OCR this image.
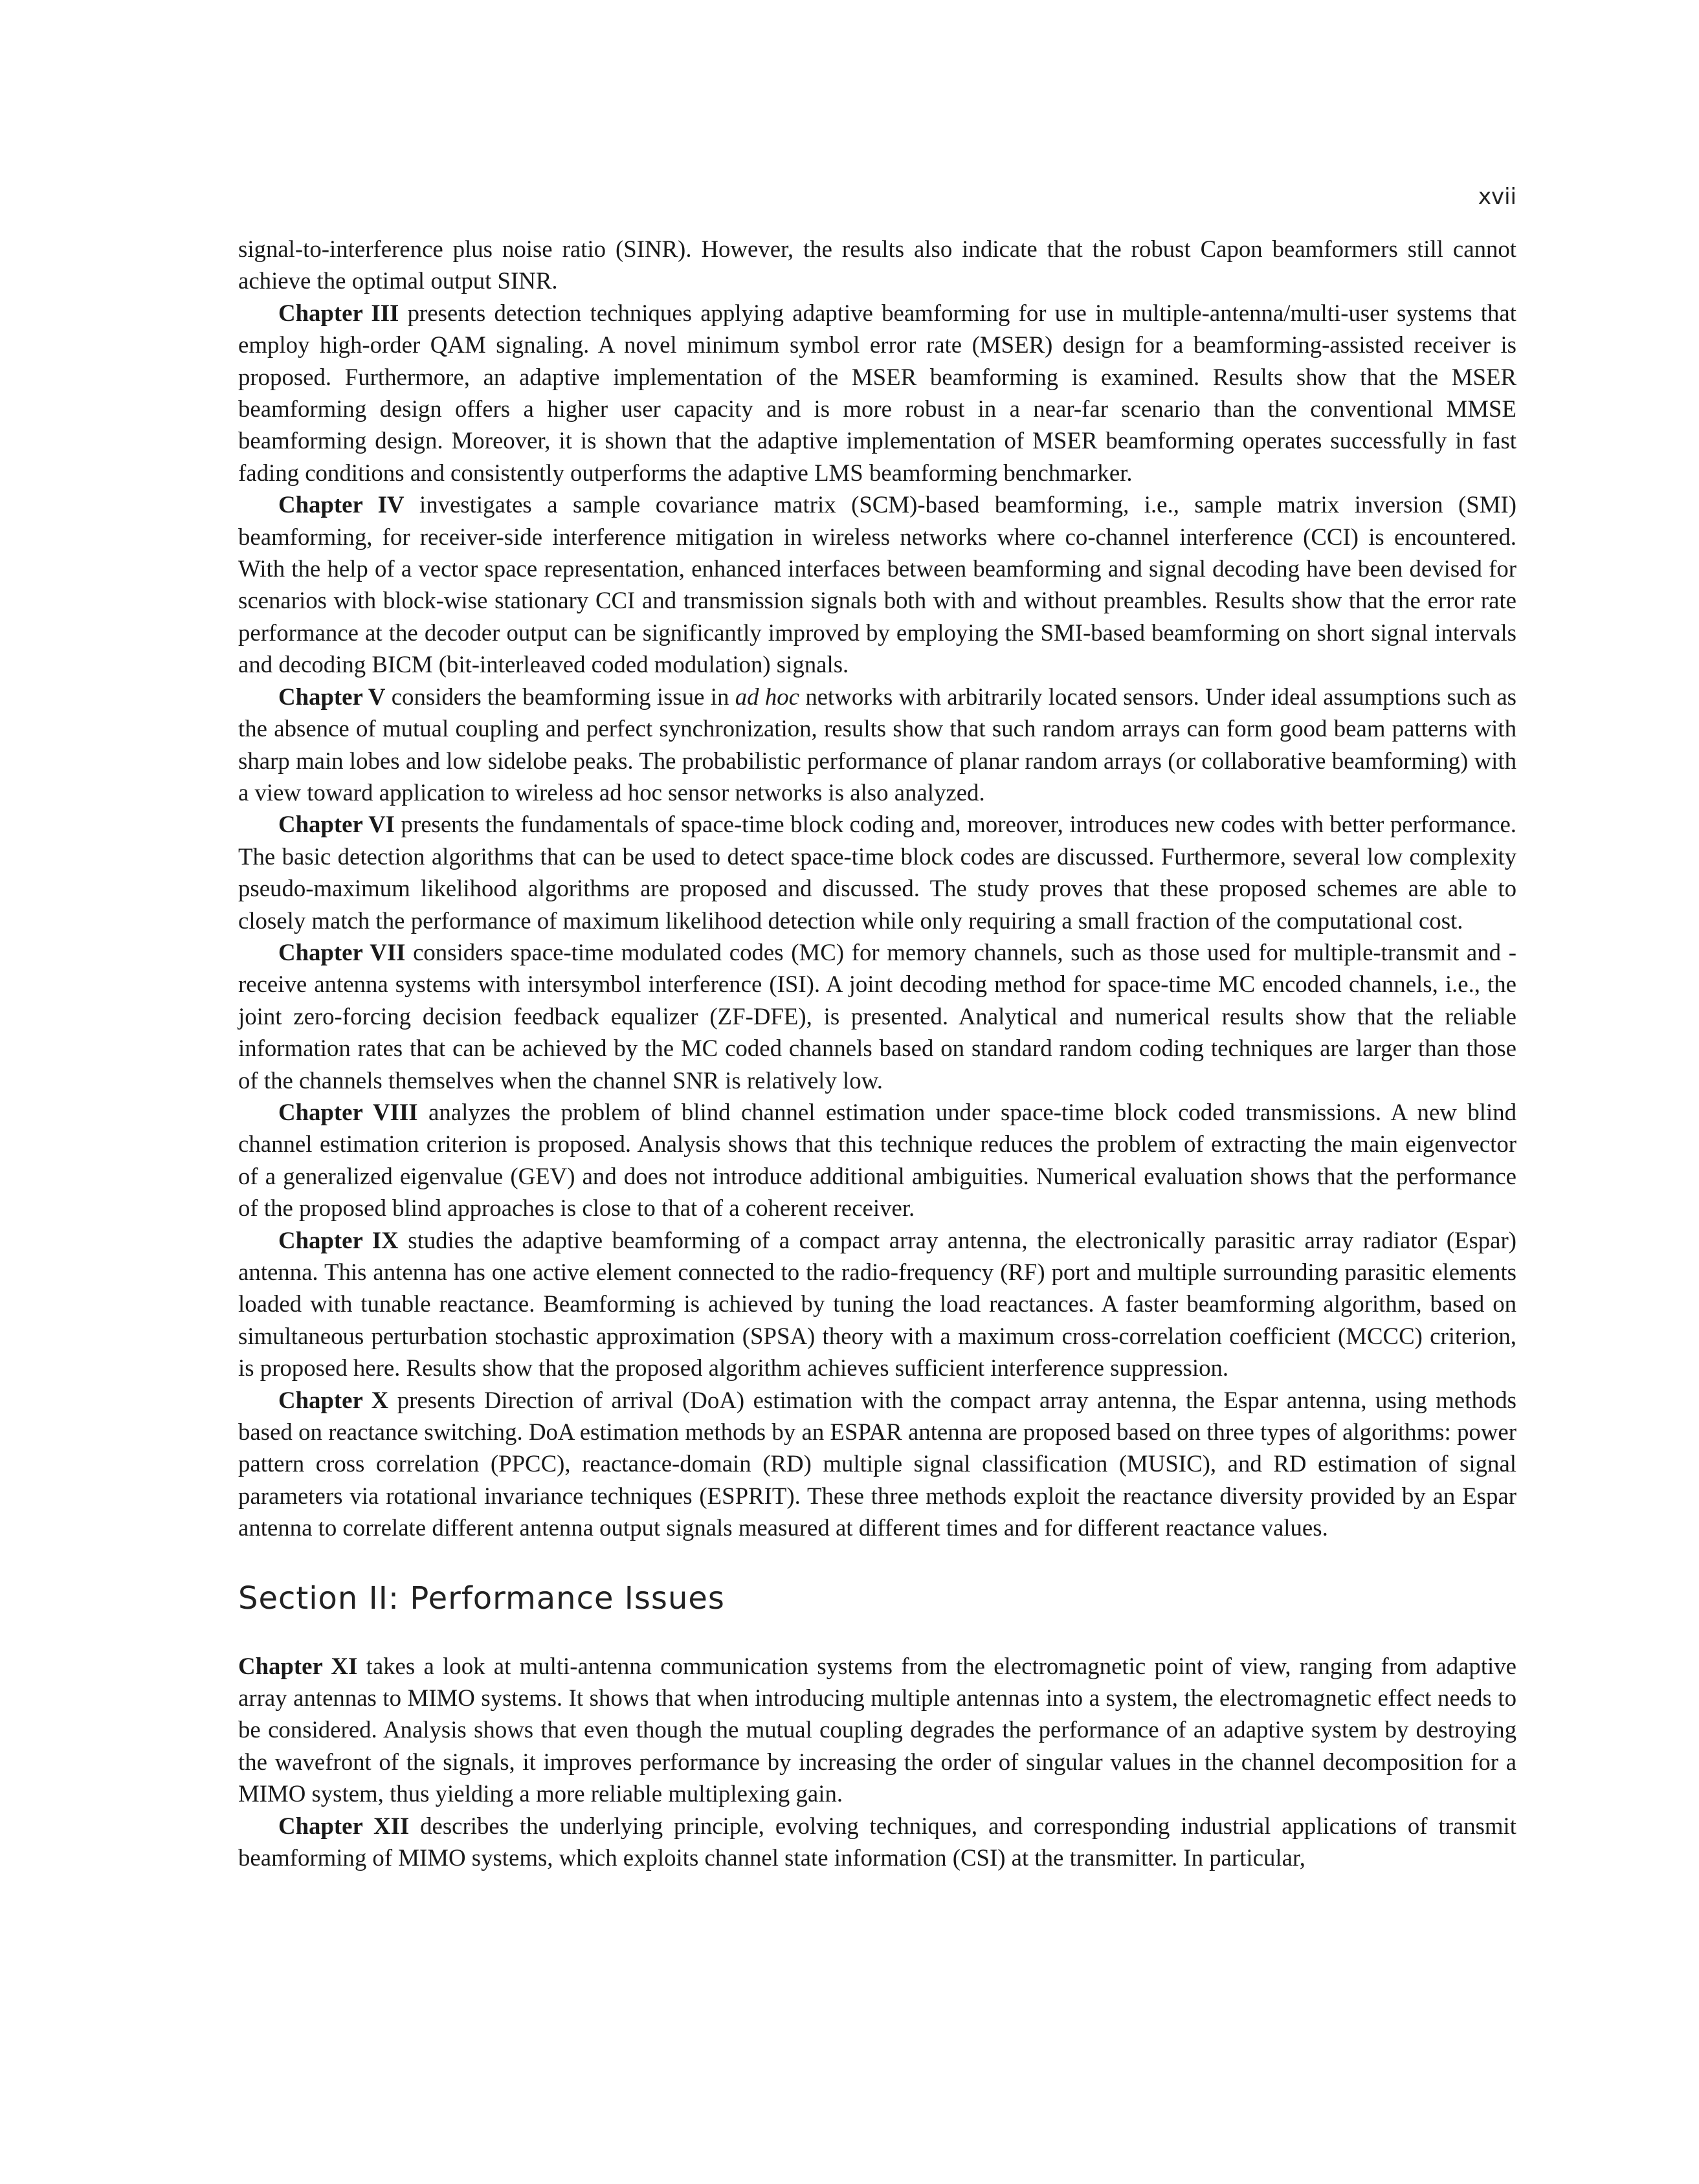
xvii

signal-to-interference plus noise ratio (SINR). However, the results also indicate that the robust Capon beamformers still cannot achieve the optimal output SINR.

Chapter III presents detection techniques applying adaptive beamforming for use in multiple-antenna/multi-user systems that employ high-order QAM signaling. A novel minimum symbol error rate (MSER) design for a beamforming-assisted receiver is proposed. Furthermore, an adaptive implementation of the MSER beamforming is examined. Results show that the MSER beamforming design offers a higher user capacity and is more robust in a near-far scenario than the conventional MMSE beamforming design. Moreover, it is shown that the adaptive implementation of MSER beamforming operates successfully in fast fading conditions and consistently outperforms the adaptive LMS beamforming benchmarker.

Chapter IV investigates a sample covariance matrix (SCM)-based beamforming, i.e., sample matrix inversion (SMI) beamforming, for receiver-side interference mitigation in wireless networks where co-channel interference (CCI) is encountered. With the help of a vector space representation, enhanced interfaces between beamforming and signal decoding have been devised for scenarios with block-wise stationary CCI and transmission signals both with and without preambles. Results show that the error rate performance at the decoder output can be significantly improved by employing the SMI-based beamforming on short signal intervals and decoding BICM (bit-interleaved coded modulation) signals.

Chapter V considers the beamforming issue in ad hoc networks with arbitrarily located sensors. Under ideal assumptions such as the absence of mutual coupling and perfect synchronization, results show that such random arrays can form good beam patterns with sharp main lobes and low sidelobe peaks. The probabilistic performance of planar random arrays (or collaborative beamforming) with a view toward application to wireless ad hoc sensor networks is also analyzed.

Chapter VI presents the fundamentals of space-time block coding and, moreover, introduces new codes with better performance. The basic detection algorithms that can be used to detect space-time block codes are discussed. Furthermore, several low complexity pseudo-maximum likelihood algorithms are proposed and discussed. The study proves that these proposed schemes are able to closely match the performance of maximum likelihood detection while only requiring a small fraction of the computational cost.

Chapter VII considers space-time modulated codes (MC) for memory channels, such as those used for multiple-transmit and -receive antenna systems with intersymbol interference (ISI). A joint decoding method for space-time MC encoded channels, i.e., the joint zero-forcing decision feedback equalizer (ZF-DFE), is presented. Analytical and numerical results show that the reliable information rates that can be achieved by the MC coded channels based on standard random coding techniques are larger than those of the channels themselves when the channel SNR is relatively low.

Chapter VIII analyzes the problem of blind channel estimation under space-time block coded transmissions. A new blind channel estimation criterion is proposed. Analysis shows that this technique reduces the problem of extracting the main eigenvector of a generalized eigenvalue (GEV) and does not introduce additional ambiguities. Numerical evaluation shows that the performance of the proposed blind approaches is close to that of a coherent receiver.

Chapter IX studies the adaptive beamforming of a compact array antenna, the electronically parasitic array radiator (Espar) antenna. This antenna has one active element connected to the radio-frequency (RF) port and multiple surrounding parasitic elements loaded with tunable reactance. Beamforming is achieved by tuning the load reactances. A faster beamforming algorithm, based on simultaneous perturbation stochastic approximation (SPSA) theory with a maximum cross-correlation coefficient (MCCC) criterion, is proposed here. Results show that the proposed algorithm achieves sufficient interference suppression.

Chapter X presents Direction of arrival (DoA) estimation with the compact array antenna, the Espar antenna, using methods based on reactance switching. DoA estimation methods by an ESPAR antenna are proposed based on three types of algorithms: power pattern cross correlation (PPCC), reactance-domain (RD) multiple signal classification (MUSIC), and RD estimation of signal parameters via rotational invariance techniques (ESPRIT). These three methods exploit the reactance diversity provided by an Espar antenna to correlate different antenna output signals measured at different times and for different reactance values.

Section II: Performance Issues

Chapter XI takes a look at multi-antenna communication systems from the electromagnetic point of view, ranging from adaptive array antennas to MIMO systems. It shows that when introducing multiple antennas into a system, the electromagnetic effect needs to be considered. Analysis shows that even though the mutual coupling degrades the performance of an adaptive system by destroying the wavefront of the signals, it improves performance by increasing the order of singular values in the channel decomposition for a MIMO system, thus yielding a more reliable multiplexing gain.

Chapter XII describes the underlying principle, evolving techniques, and corresponding industrial applications of transmit beamforming of MIMO systems, which exploits channel state information (CSI) at the transmitter. In particular,
